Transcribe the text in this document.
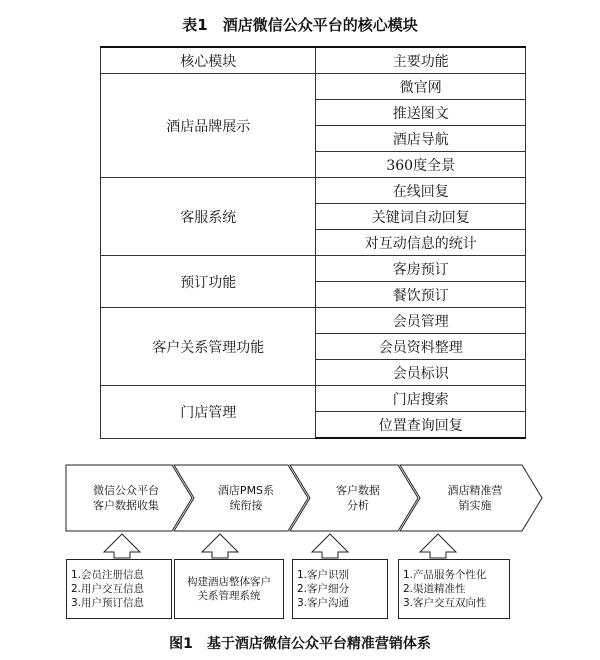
表1　酒店微信公众平台的核心模块
核心模块	主要功能
酒店品牌展示	微官网
	推送图文
	酒店导航
	360度全景
客服系统	在线回复
	关键词自动回复
	对互动信息的统计
预订功能	客房预订
	餐饮预订
客户关系管理功能	会员管理
	会员资料整理
	会员标识
门店管理	门店搜索
	位置查询回复
微信公众平台
客户数据收集
酒店PMS系
统衔接
客户数据
分析
酒店精准营
销实施
1.会员注册信息
2.用户交互信息
3.用户预订信息
构建酒店整体客户
关系管理系统
1.客户识别
2.客户细分
3.客户沟通
1.产品服务个性化
2.渠道精准性
3.客户交互双向性
图1　基于酒店微信公众平台精准营销体系
